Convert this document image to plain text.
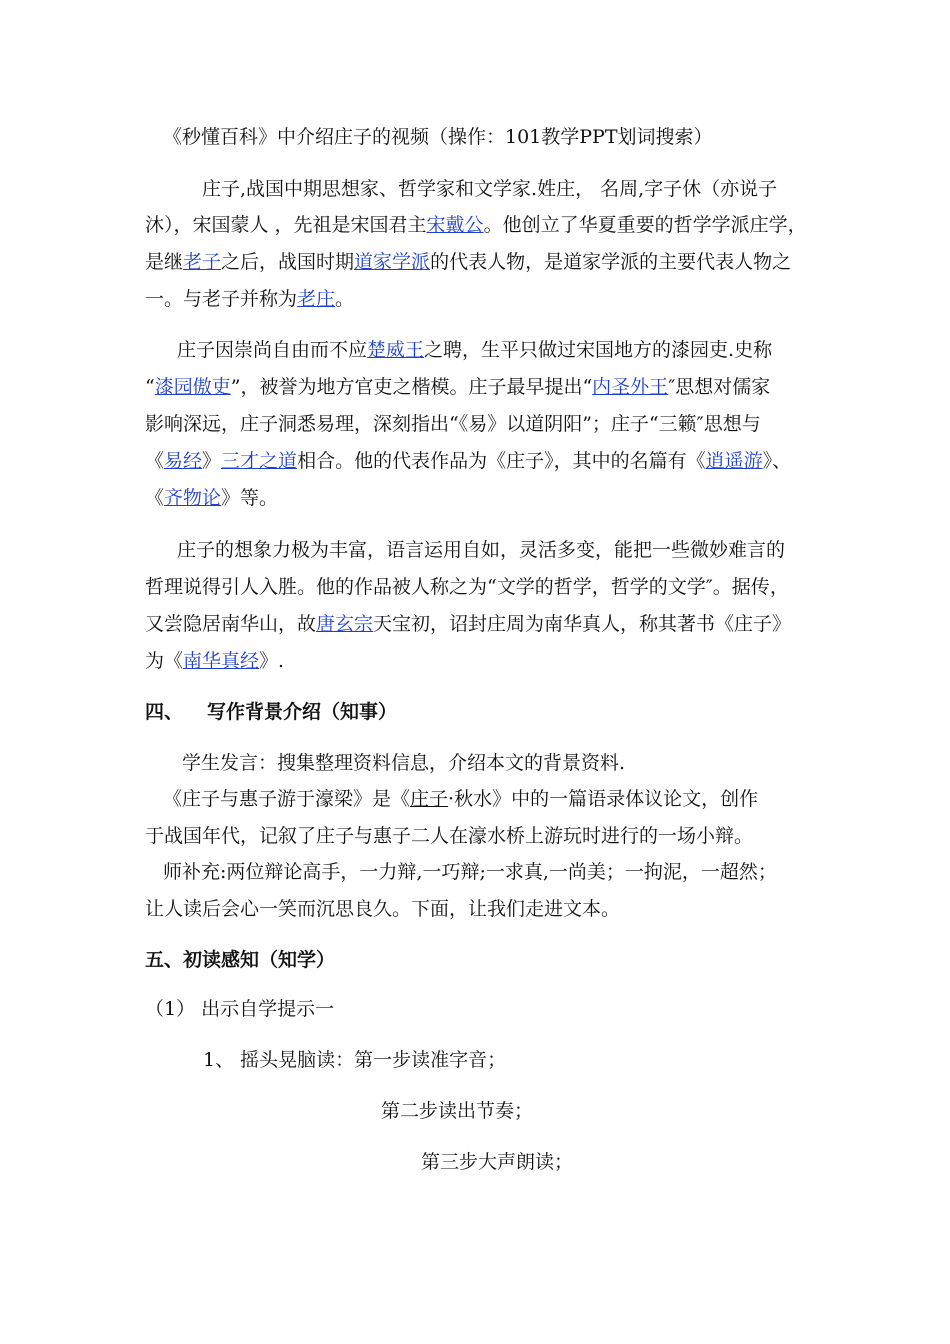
《秒懂百科》中介绍庄子的视频（操作：101教学PPT划词搜索）
庄子,战国中期思想家、哲学家和文学家.姓庄， 名周,字子休（亦说子
沐），宋国蒙人 ，先祖是宋国君主宋戴公。他创立了华夏重要的哲学学派庄学，
是继老子之后，战国时期道家学派的代表人物，是道家学派的主要代表人物之
一。与老子并称为老庄。
庄子因崇尚自由而不应楚威王之聘，生平只做过宋国地方的漆园吏.史称
“漆园傲吏”，被誉为地方官吏之楷模。庄子最早提出“内圣外王″思想对儒家
影响深远，庄子洞悉易理，深刻指出“《易》以道阴阳”；庄子“三籁″思想与
《易经》三才之道相合。他的代表作品为《庄子》，其中的名篇有《逍遥游》、
《齐物论》等。
庄子的想象力极为丰富，语言运用自如，灵活多变，能把一些微妙难言的
哲理说得引人入胜。他的作品被人称之为“文学的哲学，哲学的文学″。据传，
又尝隐居南华山，故唐玄宗天宝初，诏封庄周为南华真人，称其著书《庄子》
为《南华真经》.
四、 写作背景介绍（知事）
学生发言：搜集整理资料信息，介绍本文的背景资料.
《庄子与惠子游于濠梁》是《庄子·秋水》中的一篇语录体议论文，创作
于战国年代，记叙了庄子与惠子二人在濠水桥上游玩时进行的一场小辩。
师补充:两位辩论高手，一力辩,一巧辩;一求真,一尚美；一拘泥，一超然；
让人读后会心一笑而沉思良久。下面，让我们走进文本。
五、初读感知（知学）
（1） 出示自学提示一
1、 摇头晃脑读：第一步读准字音；
第二步读出节奏；
第三步大声朗读；
